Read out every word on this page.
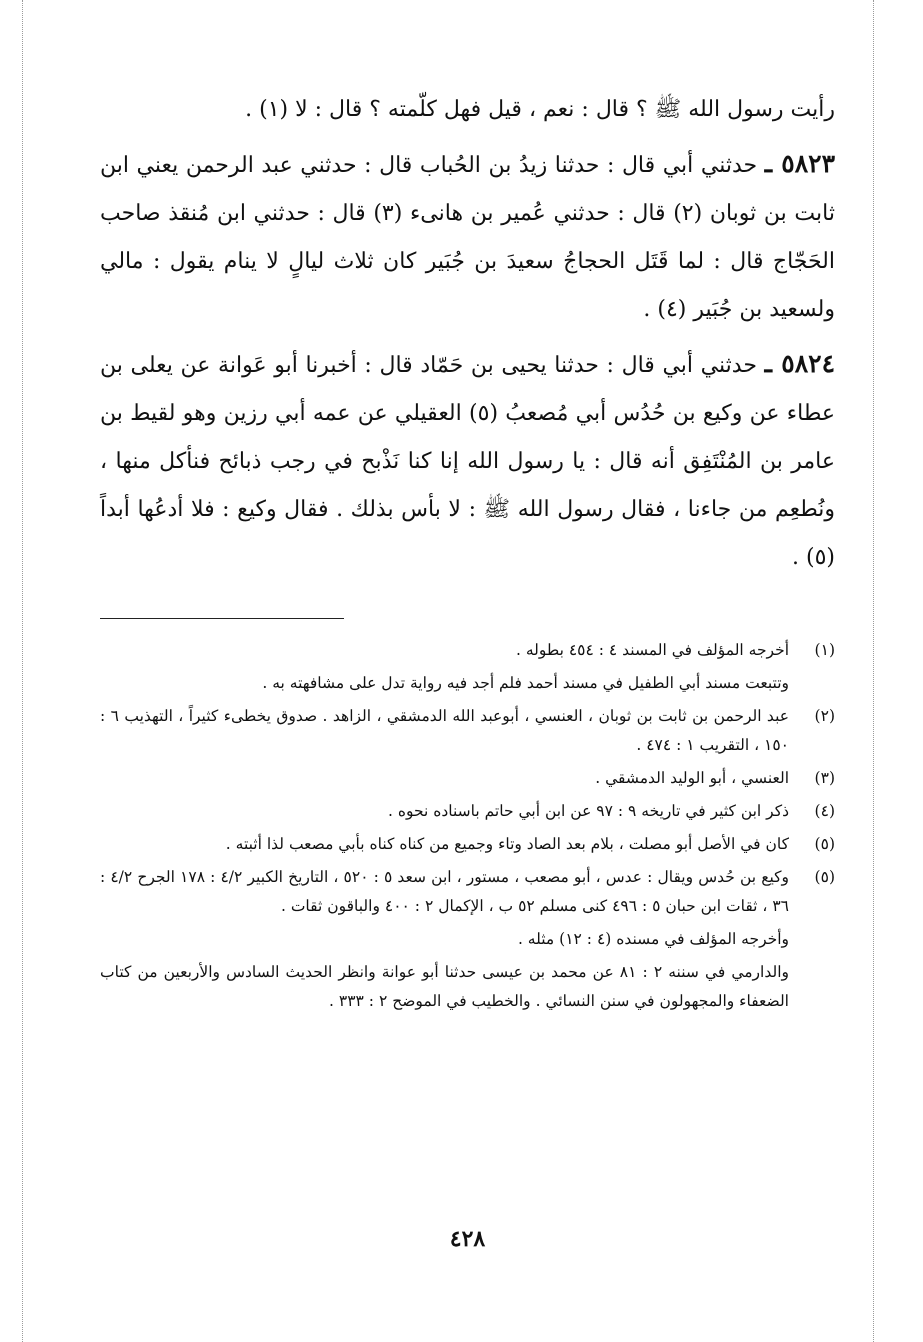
رأيت رسول الله ﷺ ؟ قال : نعم ، قيل فهل كلّمته ؟ قال : لا (١) .

٥٨٢٣ ـ حدثني أبي قال : حدثنا زيدُ بن الحُباب قال : حدثني عبد الرحمن يعني ابن ثابت بن ثوبان (٢) قال : حدثني عُمير بن هانىء (٣) قال : حدثني ابن مُنقذ صاحب الحَجّاج قال : لما قَتَل الحجاجُ سعيدَ بن جُبَير كان ثلاث ليالٍ لا ينام يقول : مالي ولسعيد بن جُبَير (٤) .

٥٨٢٤ ـ حدثني أبي قال : حدثنا يحيى بن حَمّاد قال : أخبرنا أبو عَوانة عن يعلى بن عطاء عن وكيع بن حُدُس أبي مُصعبُ (٥) العقيلي عن عمه أبي رزين وهو لقيط بن عامر بن المُنْتَفِق أنه قال : يا رسول الله إنا كنا نَذْبح في رجب ذبائح فنأكل منها ، ونُطعِم من جاءنا ، فقال رسول الله ﷺ : لا بأس بذلك . فقال وكيع : فلا أدعُها أبداً (٥) .

(١)
أخرجه المؤلف في المسند ٤ : ٤٥٤ بطوله .
وتتبعت مسند أبي الطفيل في مسند أحمد فلم أجد فيه رواية تدل على مشافهته به .
(٢)
عبد الرحمن بن ثابت بن ثوبان ، العنسي ، أبوعبد الله الدمشقي ، الزاهد . صدوق يخطىء كثيراً ، التهذيب ٦ : ١٥٠ ، التقريب ١ : ٤٧٤ .
(٣)
العنسي ، أبو الوليد الدمشقي .
(٤)
ذكر ابن كثير في تاريخه ٩ : ٩٧ عن ابن أبي حاتم باسناده نحوه .
(٥)
كان في الأصل أبو مصلت ، بلام بعد الصاد وتاء وجميع من كناه كناه بأبي مصعب لذا أثبته .
(٥)
وكيع بن حُدس ويقال : عدس ، أبو مصعب ، مستور ، ابن سعد ٥ : ٥٢٠ ، التاريخ الكبير ٤/٢ : ١٧٨ الجرح ٤/٢ : ٣٦ ، ثقات ابن حبان ٥ : ٤٩٦ كنى مسلم ٥٢ ب ، الإكمال ٢ : ٤٠٠ والباقون ثقات .
وأخرجه المؤلف في مسنده (٤ : ١٢) مثله .
والدارمي في سننه ٢ : ٨١ عن محمد بن عيسى حدثنا أبو عوانة وانظر الحديث السادس والأربعين من كتاب الضعفاء والمجهولون في سنن النسائي . والخطيب في الموضح ٢ : ٣٣٣ .
٤٢٨
